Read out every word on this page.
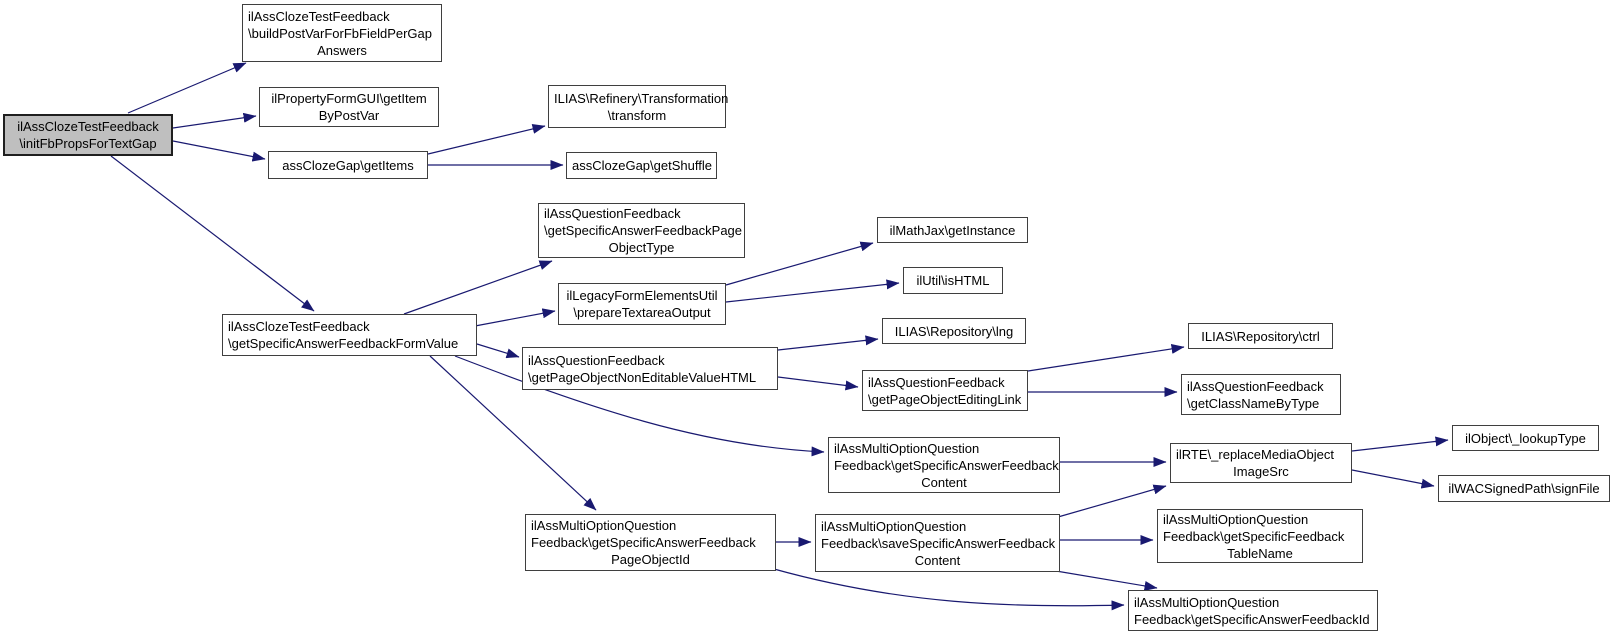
ilAssClozeTestFeedback
\initFbPropsForTextGap
ilAssClozeTestFeedback
\buildPostVarForFbFieldPerGap
Answers
ilPropertyFormGUI\getItem
ByPostVar
assClozeGap\getItems
ILIAS\Refinery\Transformation
\transform
assClozeGap\getShuffle
ilAssQuestionFeedback
\getSpecificAnswerFeedbackPage
ObjectType
ilLegacyFormElementsUtil
\prepareTextareaOutput
ilMathJax\getInstance
ilUtil\isHTML
ilAssClozeTestFeedback
\getSpecificAnswerFeedbackFormValue
ilAssQuestionFeedback
\getPageObjectNonEditableValueHTML
ILIAS\Repository\lng
ilAssQuestionFeedback
\getPageObjectEditingLink
ILIAS\Repository\ctrl
ilAssQuestionFeedback
\getClassNameByType
ilAssMultiOptionQuestion
Feedback\getSpecificAnswerFeedback
Content
ilRTE\_replaceMediaObject
ImageSrc
ilObject\_lookupType
ilWACSignedPath\signFile
ilAssMultiOptionQuestion
Feedback\saveSpecificAnswerFeedback
Content
ilAssMultiOptionQuestion
Feedback\getSpecificFeedback
TableName
ilAssMultiOptionQuestion
Feedback\getSpecificAnswerFeedback
PageObjectId
ilAssMultiOptionQuestion
Feedback\getSpecificAnswerFeedbackId
